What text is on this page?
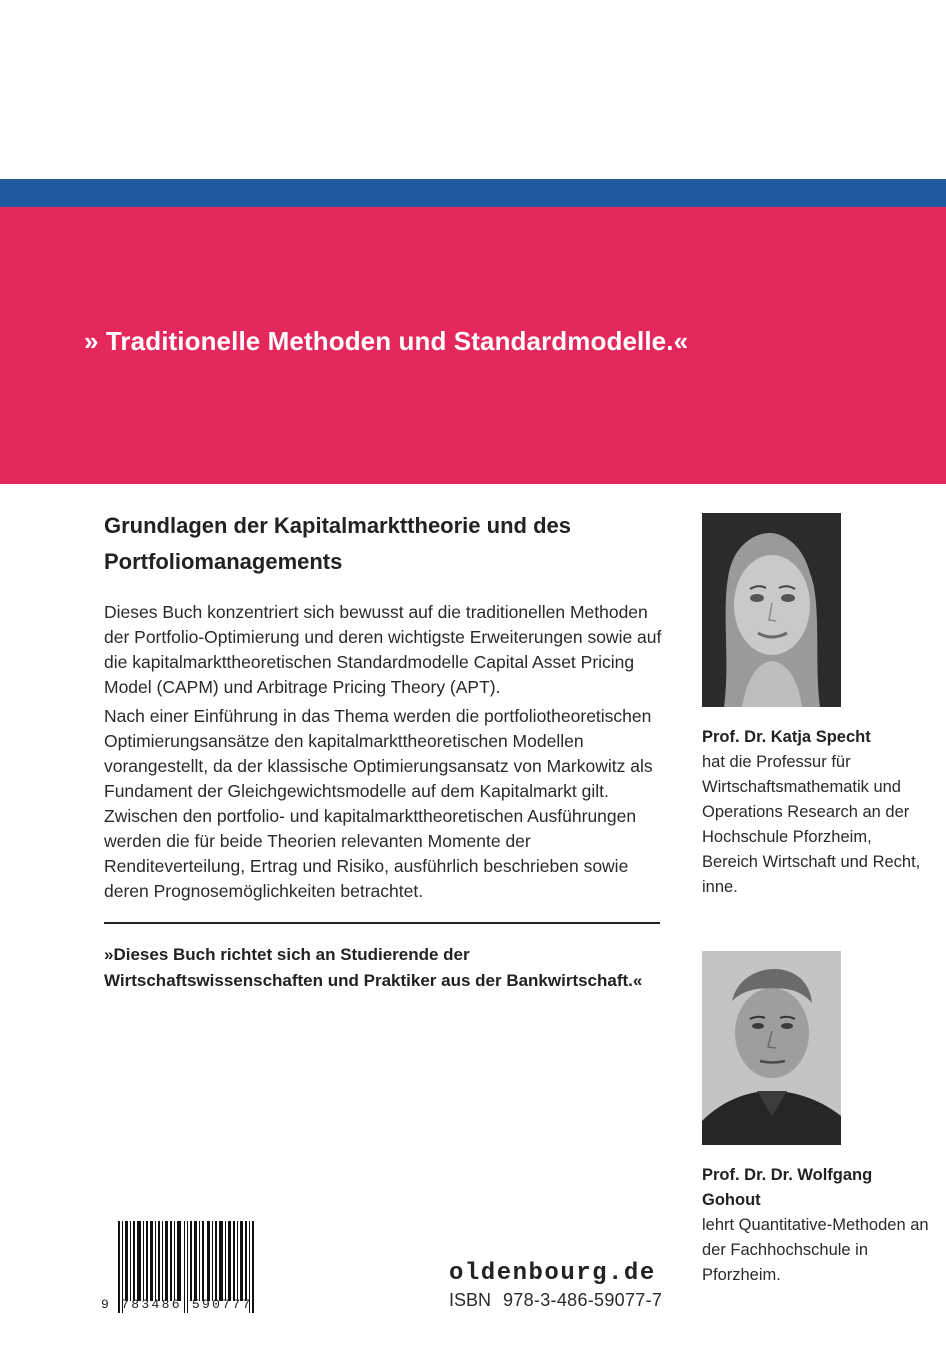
» Traditionelle Methoden und Standardmodelle.«
Grundlagen der Kapitalmarkttheorie und des
Portfoliomanagements

Dieses Buch konzentriert sich bewusst auf die traditionellen Methoden der Portfolio-Optimierung und deren wichtigste Erweiterungen sowie auf die kapitalmarkttheoretischen Standardmodelle Capital Asset Pricing Model (CAPM) und Arbitrage Pricing Theory (APT).

Nach einer Einführung in das Thema werden die portfoliotheoretischen Optimierungsansätze den kapitalmarkttheoretischen Modellen vorangestellt, da der klassische Optimierungsansatz von Markowitz als Fundament der Gleichgewichtsmodelle auf dem Kapitalmarkt gilt. Zwischen den portfolio- und kapitalmarkttheoretischen Ausführungen werden die für beide Theorien relevanten Momente der Renditeverteilung, Ertrag und Risiko, ausführlich beschrieben sowie deren Prognosemöglichkeiten betrachtet.

»Dieses Buch richtet sich an Studierende der Wirtschaftswissenschaften und Praktiker aus der Bankwirtschaft.«
Prof. Dr. Katja Specht
hat die Professur für Wirtschaftsmathematik und Operations Research an der Hochschule Pforzheim, Bereich Wirtschaft und Recht, inne.
Prof. Dr. Dr. Wolfgang Gohout
lehrt Quantitative-Methoden an der Fachhochschule in Pforzheim.
9 783486 590777
oldenbourg.de
ISBN 978-3-486-59077-7
